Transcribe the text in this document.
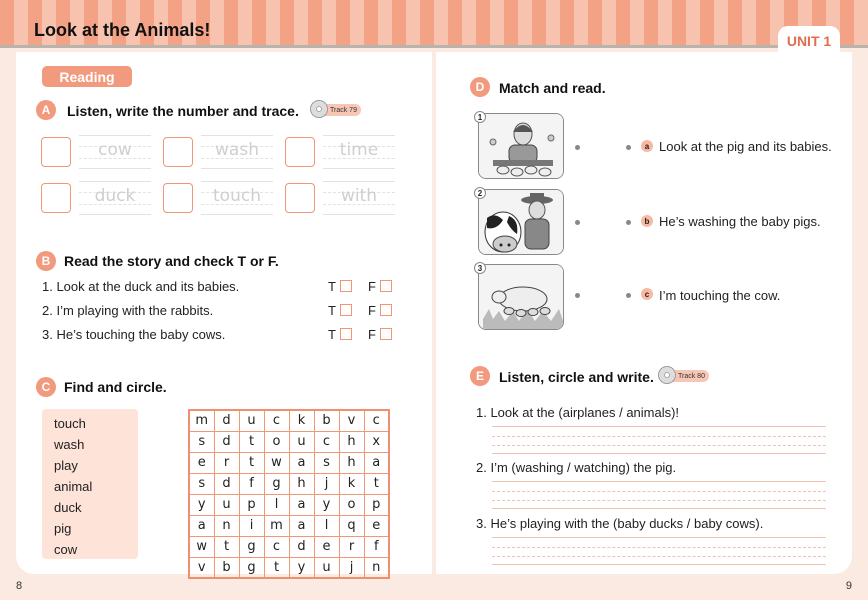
Look at the Animals!
UNIT 1
Reading
A	Listen, write the number and trace.	Track 79
cow	wash	time
duck	touch	with
B Read the story and check T or F.
1. Look at the duck and its babies.	T F
2. I’m playing with the rabbits.	T F
3. He’s touching the baby cows.	T F
C Find and circle.
touch
wash
play
animal
duck
pig
cow
m	d	u	c	k	b	v	c
s	d	t	o	u	c	h	x
e	r	t	w	a	s	h	a
s	d	f	g	h	j	k	t
y	u	p	l	a	y	o	p
a	n	i	m	a	l	q	e
w	t	g	c	d	e	r	f
v	b	g	t	y	u	j	n
D	Match and read.
1
2
3
a Look at the pig and its babies.
b He’s washing the baby pigs.
c I’m touching the cow.
E	Listen, circle and write.	Track 80
1. Look at the (airplanes / animals)!
2. I’m (washing / watching) the pig.
3. He’s playing with the (baby ducks / baby cows).
8	9
